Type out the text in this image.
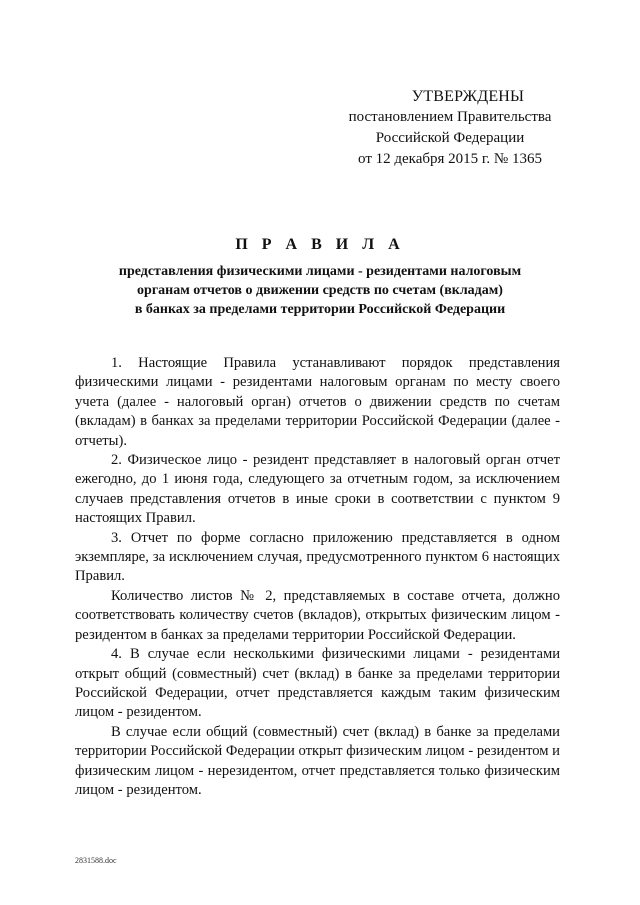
УТВЕРЖДЕНЫ
постановлением Правительства
Российской Федерации
от 12 декабря 2015 г. № 1365
П Р А В И Л А
представления физическими лицами - резидентами налоговым
органам отчетов о движении средств по счетам (вкладам)
в банках за пределами территории Российской Федерации

1. Настоящие Правила устанавливают порядок представления физическими лицами - резидентами налоговым органам по месту своего учета (далее - налоговый орган) отчетов о движении средств по счетам (вкладам) в банках за пределами территории Российской Федерации (далее - отчеты).

2. Физическое лицо - резидент представляет в налоговый орган отчет ежегодно, до 1 июня года, следующего за отчетным годом, за исключением случаев представления отчетов в иные сроки в соответствии с пунктом 9 настоящих Правил.

3. Отчет по форме согласно приложению представляется в одном экземпляре, за исключением случая, предусмотренного пунктом 6 настоящих Правил.

Количество листов № 2, представляемых в составе отчета, должно соответствовать количеству счетов (вкладов), открытых физическим лицом - резидентом в банках за пределами территории Российской Федерации.

4. В случае если несколькими физическими лицами - резидентами открыт общий (совместный) счет (вклад) в банке за пределами территории Российской Федерации, отчет представляется каждым таким физическим лицом - резидентом.

В случае если общий (совместный) счет (вклад) в банке за пределами территории Российской Федерации открыт физическим лицом - резидентом и физическим лицом - нерезидентом, отчет представляется только физическим лицом - резидентом.

2831588.doc
